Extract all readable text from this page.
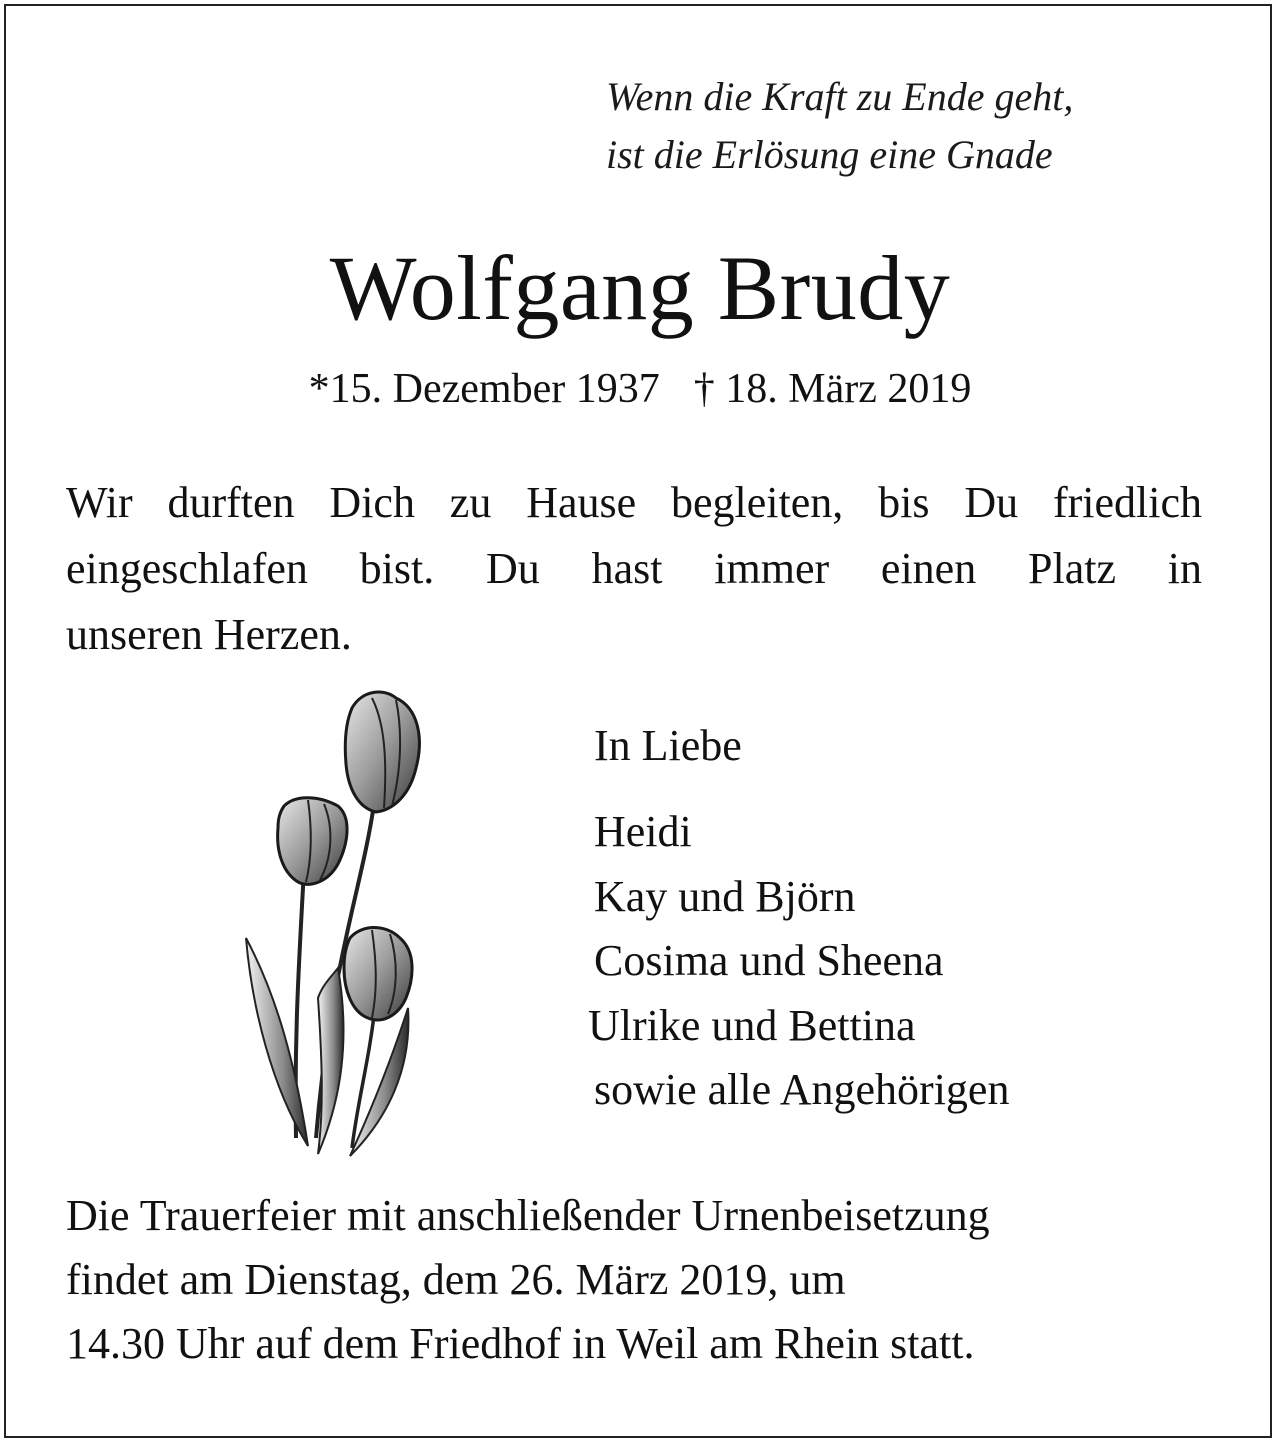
Wenn die Kraft zu Ende geht,
ist die Erlösung eine Gnade
Wolfgang Brudy
*15. Dezember 1937 † 18. März 2019
Wir durften Dich zu Hause begleiten, bis Du friedlich
eingeschlafen bist. Du hast immer einen Platz in
unseren Herzen.
In Liebe
Heidi
Kay und Björn
Cosima und Sheena
Ulrike und Bettina
sowie alle Angehörigen
Die Trauerfeier mit anschließender Urnenbeisetzung
findet am Dienstag, dem 26. März 2019, um
14.30 Uhr auf dem Friedhof in Weil am Rhein statt.
